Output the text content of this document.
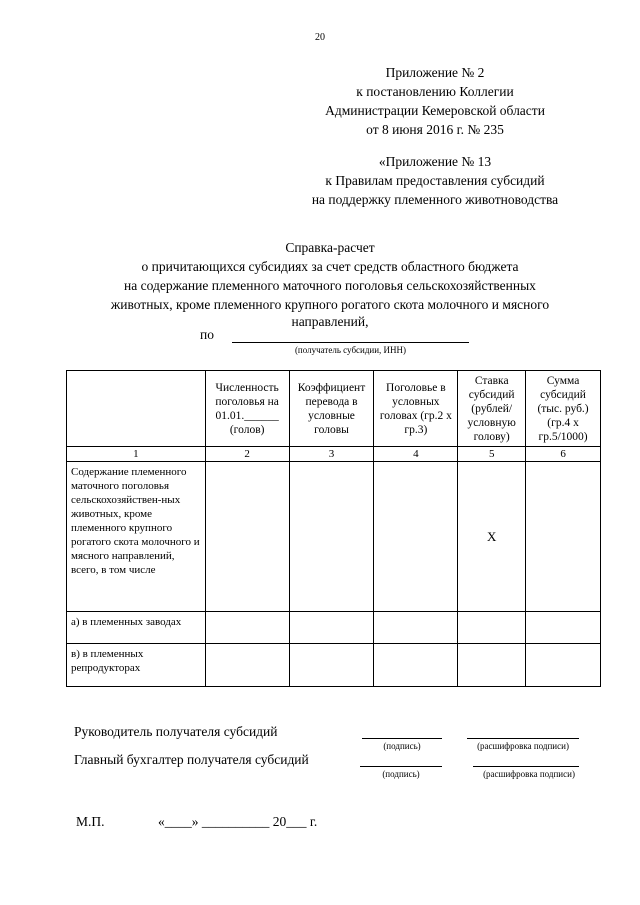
20
Приложение № 2
к постановлению Коллегии
Администрации Кемеровской области
от 8 июня 2016 г. № 235
«Приложение № 13
к Правилам предоставления субсидий
на поддержку племенного животноводства
Справка-расчет
о причитающихся субсидиях за счет средств областного бюджета
на содержание племенного маточного поголовья сельскохозяйственных
животных, кроме племенного крупного рогатого скота молочного и мясного
направлений,
по
(получатель субсидии, ИНН)
	Численность поголовья на 01.01.______ (голов)	Коэффициент перевода в условные головы	Поголовье в условных головах (гр.2 х гр.3)	Ставка субсидий (рублей/ условную голову)	Сумма субсидий (тыс. руб.) (гр.4 х гр.5/1000)
1	2	3	4	5	6
Содержание племенного маточного поголовья сельскохозяйствен-ных животных, кроме племенного крупного рогатого скота молочного и мясного направлений, всего, в том числе				Х	
а) в племенных заводах					
в) в племенных репродукторах					
Руководитель получателя субсидий
(подпись)	(расшифровка подписи)
Главный бухгалтер получателя субсидий
(подпись)	(расшифровка подписи)
М.П.	«____» __________ 20___ г.
